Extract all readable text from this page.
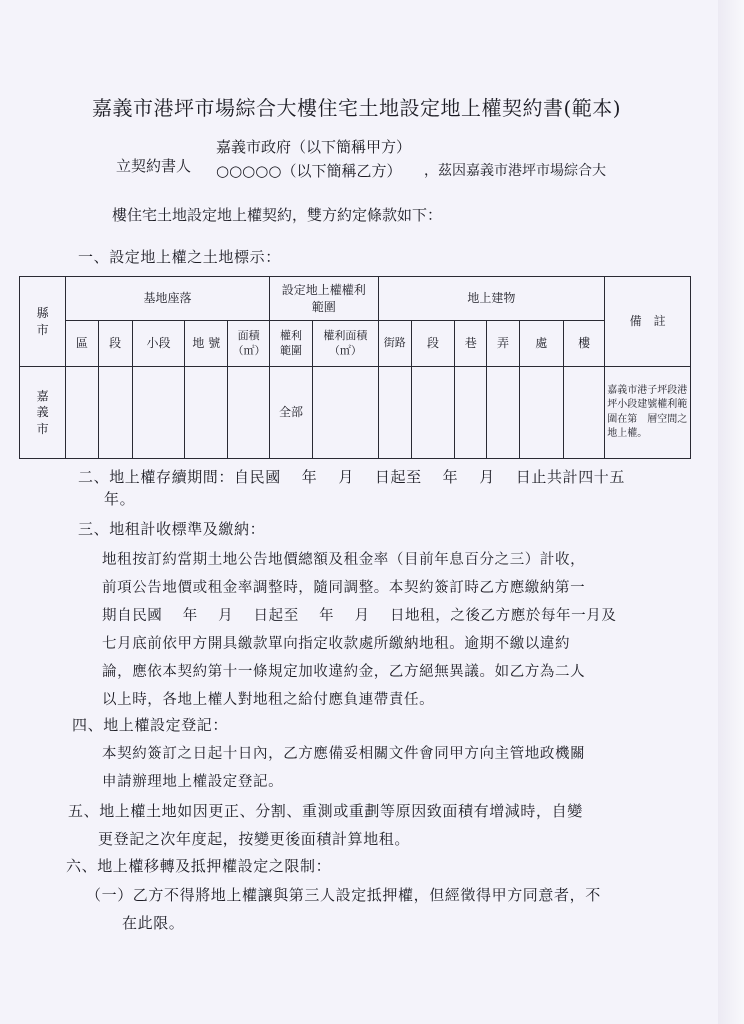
嘉義市港坪市場綜合大樓住宅土地設定地上權契約書(範本)
立契約書人
嘉義市政府（以下簡稱甲方）
○○○○○（以下簡稱乙方） ，茲因嘉義市港坪市場綜合大
樓住宅土地設定地上權契約，雙方約定條款如下：
一、設定地上權之土地標示：
縣市	基地座落					設定地上權權利範圍		地上建物						備　註
	區	段	小段	地 號	面積（㎡）	權利範圍	權利面積（㎡）	街路	段	巷	弄	處	樓	
嘉義市						全部								嘉義市港子坪段港坪小段建號權利範圍在第　層空間之地上權。
二、地上權存續期間：自民國　 年　 月　 日起至　 年　 月　 日止共計四十五
年。
三、地租計收標準及繳納：
地租按訂約當期土地公告地價總額及租金率（目前年息百分之三）計收，
前項公告地價或租金率調整時，隨同調整。本契約簽訂時乙方應繳納第一
期自民國　 年　 月　 日起至　 年　 月　 日地租，之後乙方應於每年一月及
七月底前依甲方開具繳款單向指定收款處所繳納地租。逾期不繳以違約
論，應依本契約第十一條規定加收違約金，乙方絕無異議。如乙方為二人
以上時，各地上權人對地租之給付應負連帶責任。
四、地上權設定登記：
本契約簽訂之日起十日內，乙方應備妥相關文件會同甲方向主管地政機關
申請辦理地上權設定登記。
五、地上權土地如因更正、分割、重測或重劃等原因致面積有增減時，自變
更登記之次年度起，按變更後面積計算地租。
六、地上權移轉及抵押權設定之限制：
（一）乙方不得將地上權讓與第三人設定抵押權，但經徵得甲方同意者，不
在此限。
